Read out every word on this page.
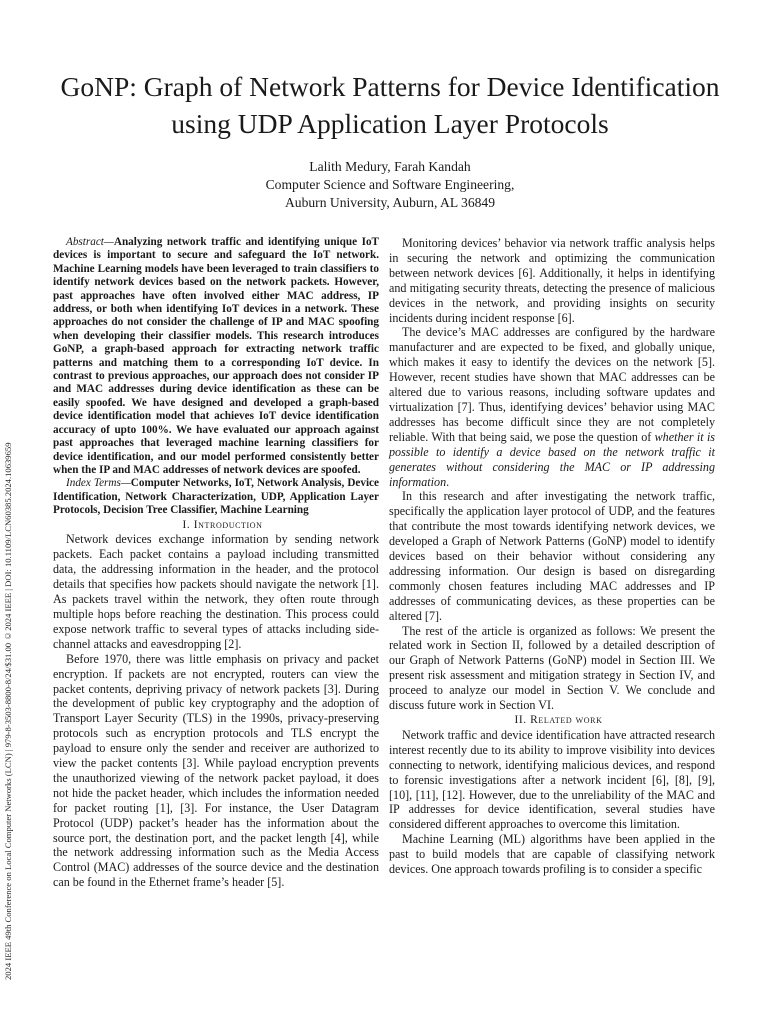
2024 IEEE 49th Conference on Local Computer Networks (LCN) | 979-8-3503-8800-8/24/$31.00 ©2024 IEEE | DOI: 10.1109/LCN60385.2024.10639659
GoNP: Graph of Network Patterns for Device Identification using UDP Application Layer Protocols
Lalith Medury, Farah Kandah
Computer Science and Software Engineering,
Auburn University, Auburn, AL 36849

Abstract—Analyzing network traffic and identifying unique IoT devices is important to secure and safeguard the IoT network. Machine Learning models have been leveraged to train classifiers to identify network devices based on the network packets. However, past approaches have often involved either MAC address, IP address, or both when identifying IoT devices in a network. These approaches do not consider the challenge of IP and MAC spoofing when developing their classifier models. This research introduces GoNP, a graph-based approach for extracting network traffic patterns and matching them to a corresponding IoT device. In contrast to previous approaches, our approach does not consider IP and MAC addresses during device identification as these can be easily spoofed. We have designed and developed a graph-based device identification model that achieves IoT device identification accuracy of upto 100%. We have evaluated our approach against past approaches that leveraged machine learning classifiers for device identification, and our model performed consistently better when the IP and MAC addresses of network devices are spoofed.

Index Terms—Computer Networks, IoT, Network Analysis, Device Identification, Network Characterization, UDP, Application Layer Protocols, Decision Tree Classifier, Machine Learning

I. Introduction

Network devices exchange information by sending network packets. Each packet contains a payload including transmitted data, the addressing information in the header, and the protocol details that specifies how packets should navigate the network [1]. As packets travel within the network, they often route through multiple hops before reaching the destination. This process could expose network traffic to several types of attacks including side-channel attacks and eavesdropping [2].

Before 1970, there was little emphasis on privacy and packet encryption. If packets are not encrypted, routers can view the packet contents, depriving privacy of network packets [3]. During the development of public key cryptography and the adoption of Transport Layer Security (TLS) in the 1990s, privacy-preserving protocols such as encryption protocols and TLS encrypt the payload to ensure only the sender and receiver are authorized to view the packet contents [3]. While payload encryption prevents the unauthorized viewing of the network packet payload, it does not hide the packet header, which includes the information needed for packet routing [1], [3]. For instance, the User Datagram Protocol (UDP) packet’s header has the information about the source port, the destination port, and the packet length [4], while the network addressing information such as the Media Access Control (MAC) addresses of the source device and the destination can be found in the Ethernet frame’s header [5].

Monitoring devices’ behavior via network traffic analysis helps in securing the network and optimizing the communication between network devices [6]. Additionally, it helps in identifying and mitigating security threats, detecting the presence of malicious devices in the network, and providing insights on security incidents during incident response [6].

The device’s MAC addresses are configured by the hardware manufacturer and are expected to be fixed, and globally unique, which makes it easy to identify the devices on the network [5]. However, recent studies have shown that MAC addresses can be altered due to various reasons, including software updates and virtualization [7]. Thus, identifying devices’ behavior using MAC addresses has become difficult since they are not completely reliable. With that being said, we pose the question of whether it is possible to identify a device based on the network traffic it generates without considering the MAC or IP addressing information.

In this research and after investigating the network traffic, specifically the application layer protocol of UDP, and the features that contribute the most towards identifying network devices, we developed a Graph of Network Patterns (GoNP) model to identify devices based on their behavior without considering any addressing information. Our design is based on disregarding commonly chosen features including MAC addresses and IP addresses of communicating devices, as these properties can be altered [7].

The rest of the article is organized as follows: We present the related work in Section II, followed by a detailed description of our Graph of Network Patterns (GoNP) model in Section III. We present risk assessment and mitigation strategy in Section IV, and proceed to analyze our model in Section V. We conclude and discuss future work in Section VI.

II. Related work

Network traffic and device identification have attracted research interest recently due to its ability to improve visibility into devices connecting to network, identifying malicious devices, and respond to forensic investigations after a network incident [6], [8], [9], [10], [11], [12]. However, due to the unreliability of the MAC and IP addresses for device identification, several studies have considered different approaches to overcome this limitation.

Machine Learning (ML) algorithms have been applied in the past to build models that are capable of classifying network devices. One approach towards profiling is to consider a specific
